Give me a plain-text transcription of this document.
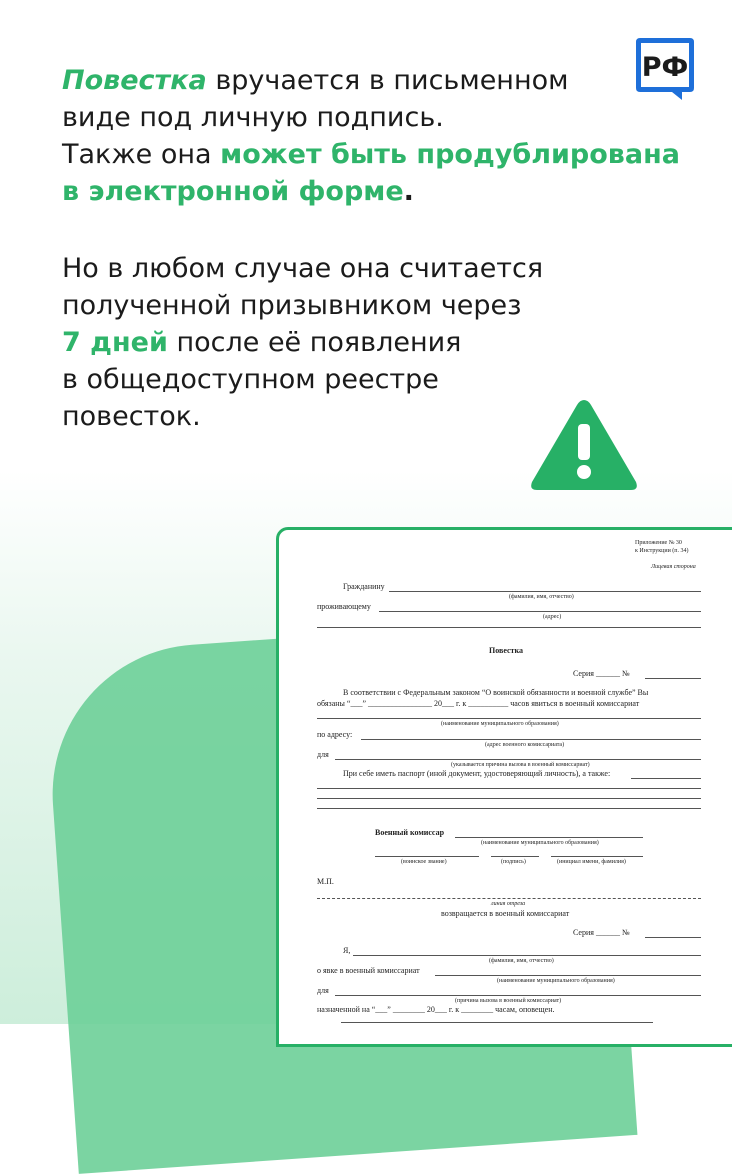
РФ
Повестка вручается в письменном
виде под личную подпись.
Также она может быть продублирована
в электронной форме.
Но в любом случае она считается
полученной призывником через
7 дней после её появления
в общедоступном реестре
повесток.
Приложение № 30
к Инструкции (п. 34)
Лицевая сторона
Гражданину
(фамилия, имя, отчество)
проживающему
(адрес)
Повестка
Серия ______ №
В соответствии с Федеральным законом “О воинской обязанности и военной службе” Вы
обязаны “___” ________________ 20___ г. к __________ часов явиться в военный комиссариат
(наименование муниципального образования)
по адресу:
(адрес военного комиссариата)
для
(указывается причина вызова в военный комиссариат)
При себе иметь паспорт (иной документ, удостоверяющий личность), а также:
Военный комиссар
(наименование муниципального образования)
(воинское звание)	(подпись)	(инициал имени, фамилия)
М.П.
линия отреза
возвращается в военный комиссариат
Серия ______ №
Я,
(фамилия, имя, отчество)
о явке в военный комиссариат
(наименование муниципального образования)
для
(причина вызова в военный комиссариат)
назначенной на “___” ________ 20___ г. к ________ часам, оповещен.
